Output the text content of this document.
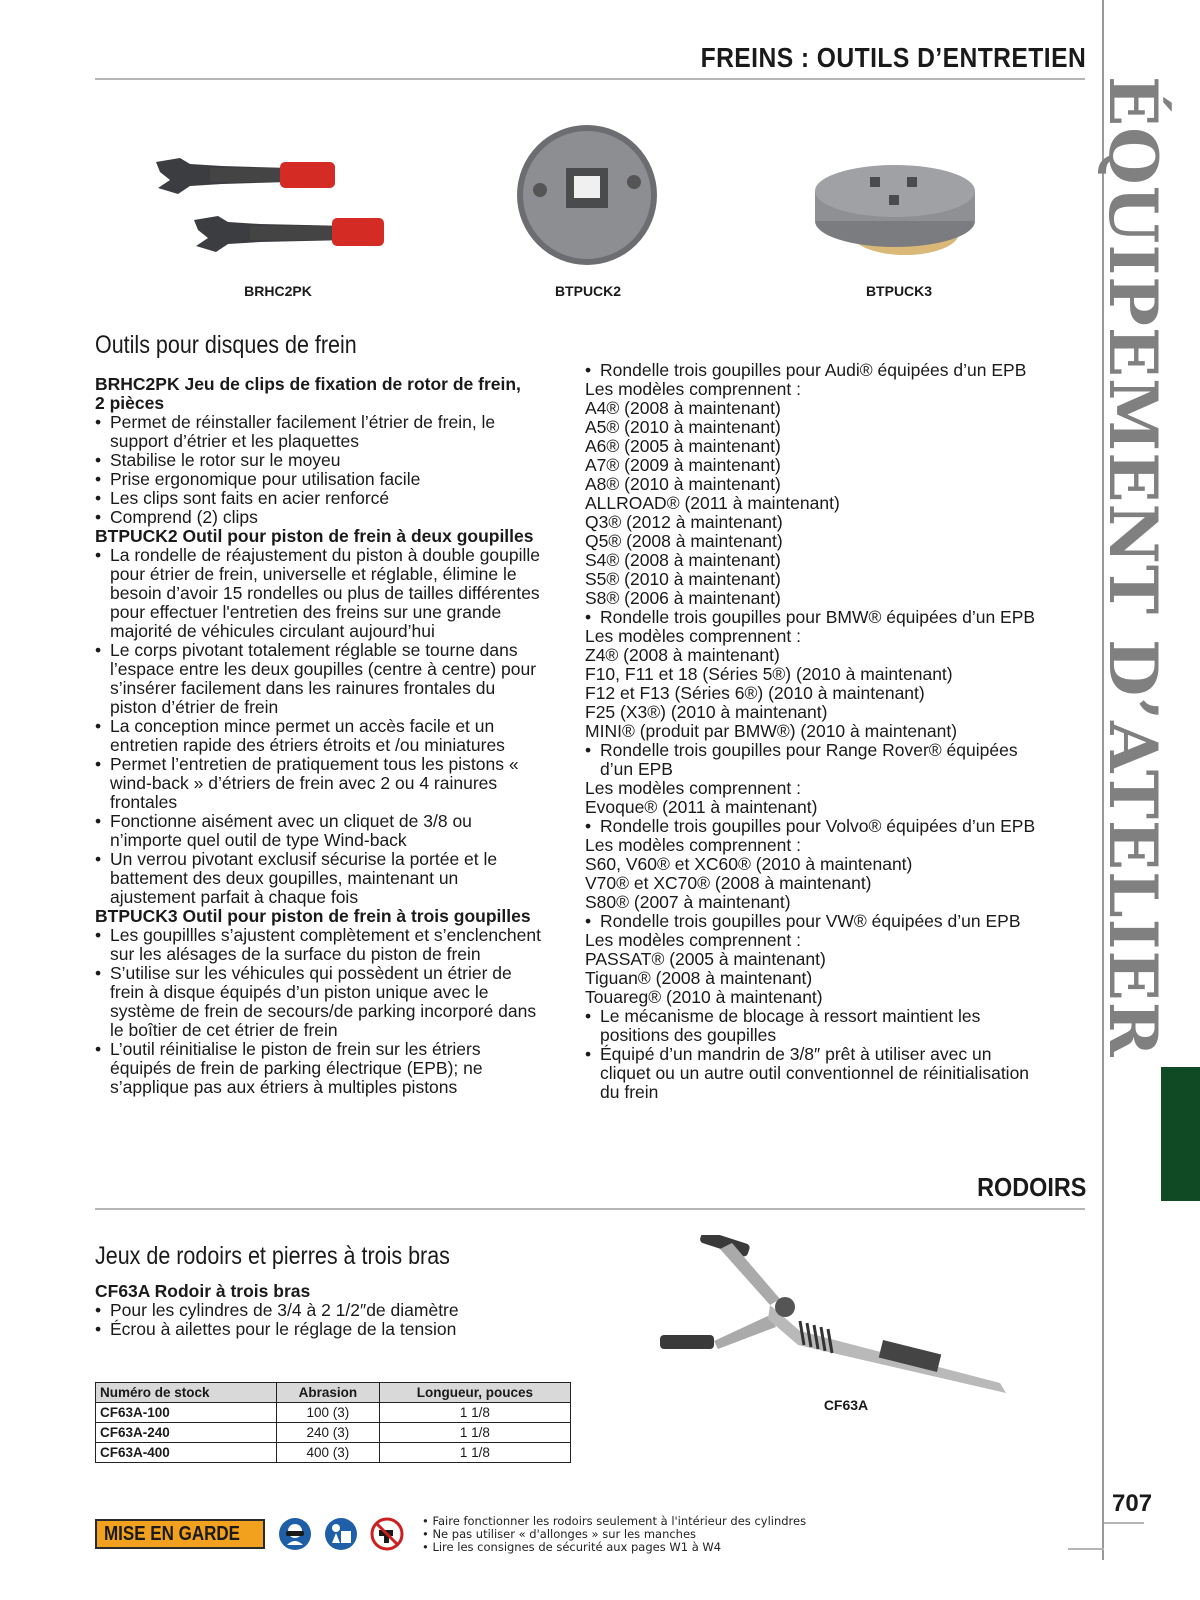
FREINS : OUTILS D’ENTRETIEN
ÉQUIPEMENT D’ATELIER
707
BRHC2PK	BTPUCK2	BTPUCK3
Outils pour disques de frein
BRHC2PK Jeu de clips de fixation de rotor de frein,
2 pièces
• Permet de réinstaller facilement l’étrier de frein, le support d’étrier et les plaquettes
• Stabilise le rotor sur le moyeu
• Prise ergonomique pour utilisation facile
• Les clips sont faits en acier renforcé
• Comprend (2) clips
BTPUCK2 Outil pour piston de frein à deux goupilles
• La rondelle de réajustement du piston à double goupille pour étrier de frein, universelle et réglable, élimine le besoin d’avoir 15 rondelles ou plus de tailles différentes pour effectuer l'entretien des freins sur une grande majorité de véhicules circulant aujourd’hui
• Le corps pivotant totalement réglable se tourne dans l’espace entre les deux goupilles (centre à centre) pour s’insérer facilement dans les rainures frontales du piston d’étrier de frein
• La conception mince permet un accès facile et un entretien rapide des étriers étroits et /ou miniatures
• Permet l’entretien de pratiquement tous les pistons « wind-back » d’étriers de frein avec 2 ou 4 rainures frontales
• Fonctionne aisément avec un cliquet de 3/8 ou n’importe quel outil de type Wind-back
• Un verrou pivotant exclusif sécurise la portée et le battement des deux goupilles, maintenant un ajustement parfait à chaque fois
BTPUCK3 Outil pour piston de frein à trois goupilles
• Les goupillles s’ajustent complètement et s’enclenchent sur les alésages de la surface du piston de frein
• S’utilise sur les véhicules qui possèdent un étrier de frein à disque équipés d’un piston unique avec le système de frein de secours/de parking incorporé dans le boîtier de cet étrier de frein
• L’outil réinitialise le piston de frein sur les étriers équipés de frein de parking électrique (EPB); ne s’applique pas aux étriers à multiples pistons
• Rondelle trois goupilles pour Audi® équipées d’un EPB
Les modèles comprennent :
A4® (2008 à maintenant)
A5® (2010 à maintenant)
A6® (2005 à maintenant)
A7® (2009 à maintenant)
A8® (2010 à maintenant)
ALLROAD® (2011 à maintenant)
Q3® (2012 à maintenant)
Q5® (2008 à maintenant)
S4® (2008 à maintenant)
S5® (2010 à maintenant)
S8® (2006 à maintenant)
• Rondelle trois goupilles pour BMW® équipées d’un EPB
Les modèles comprennent :
Z4® (2008 à maintenant)
F10, F11 et 18 (Séries 5®) (2010 à maintenant)
F12 et F13 (Séries 6®) (2010 à maintenant)
F25 (X3®) (2010 à maintenant)
MINI® (produit par BMW®) (2010 à maintenant)
• Rondelle trois goupilles pour Range Rover® équipées d’un EPB
Les modèles comprennent :
Evoque® (2011 à maintenant)
• Rondelle trois goupilles pour Volvo® équipées d’un EPB
Les modèles comprennent :
S60, V60® et XC60® (2010 à maintenant)
V70® et XC70® (2008 à maintenant)
S80® (2007 à maintenant)
• Rondelle trois goupilles pour VW® équipées d’un EPB
Les modèles comprennent :
PASSAT® (2005 à maintenant)
Tiguan® (2008 à maintenant)
Touareg® (2010 à maintenant)
• Le mécanisme de blocage à ressort maintient les positions des goupilles
• Équipé d’un mandrin de 3/8″ prêt à utiliser avec un cliquet ou un autre outil conventionnel de réinitialisation du frein
RODOIRS
Jeux de rodoirs et pierres à trois bras
CF63A Rodoir à trois bras
• Pour les cylindres de 3/4 à 2 1/2″de diamètre
• Écrou à ailettes pour le réglage de la tension
Numéro de stock	Abrasion	Longueur, pouces
CF63A-100	100 (3)	1 1/8
CF63A-240	240 (3)	1 1/8
CF63A-400	400 (3)	1 1/8
CF63A
MISE EN GARDE
• Faire fonctionner les rodoirs seulement à l'intérieur des cylindres
• Ne pas utiliser « d'allonges » sur les manches
• Lire les consignes de sécurité aux pages W1 à W4
